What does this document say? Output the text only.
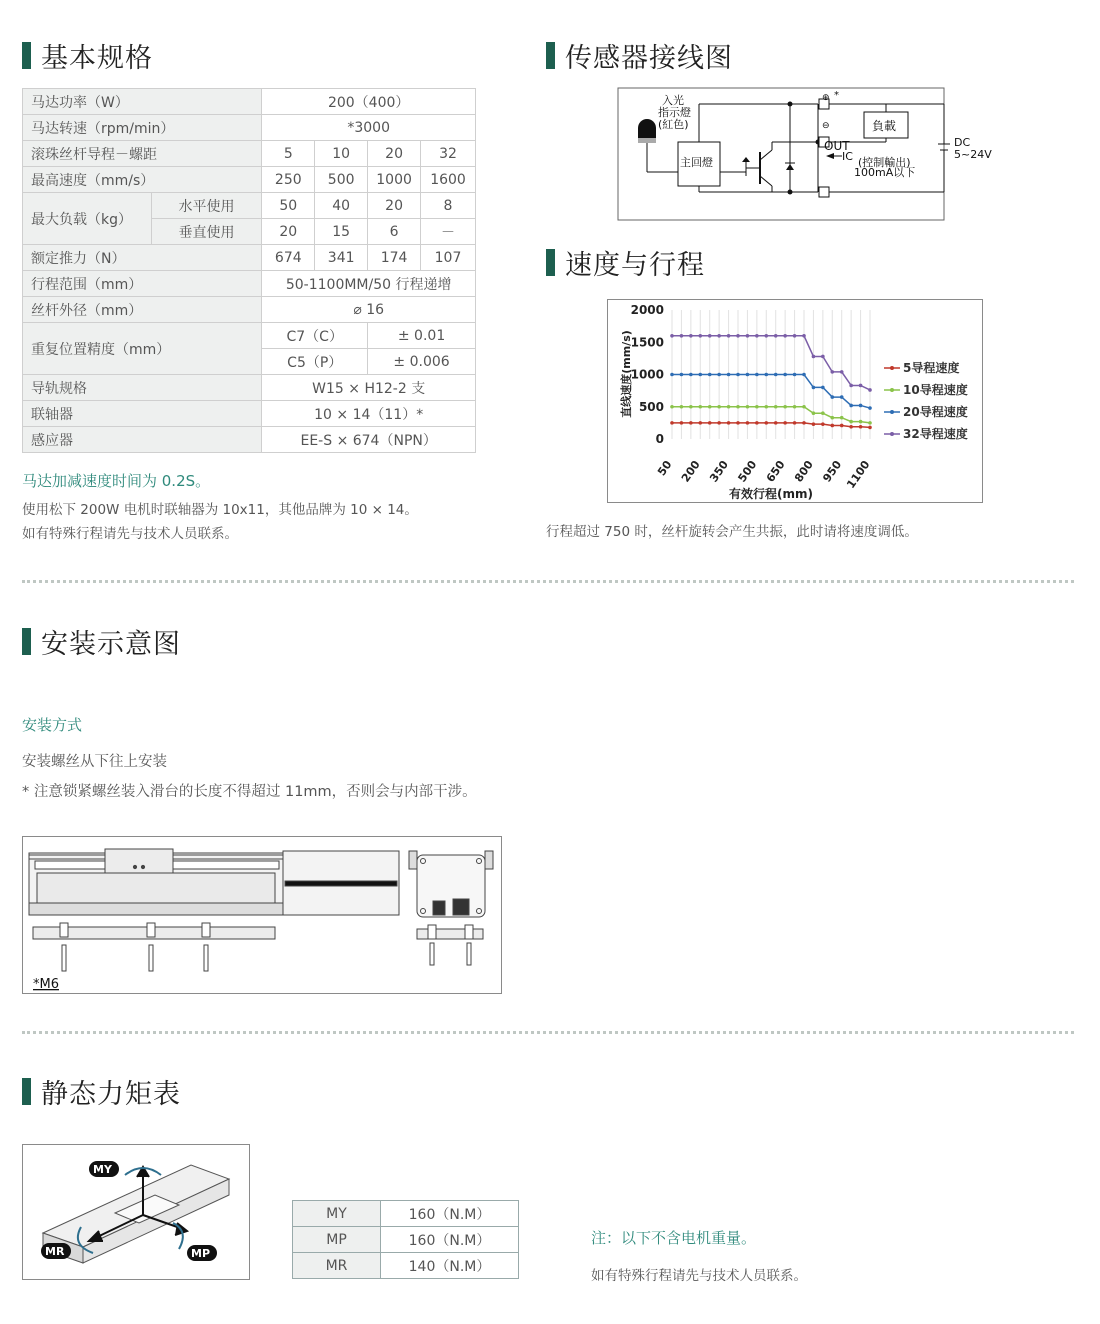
基本规格
马达功率（W）		200（400）			
马达转速（rpm/min）		*3000			
滚珠丝杆导程－螺距		5	10	20	32
最高速度（mm/s）		250	500	1000	1600
最大负载（kg）	水平使用	50	40	20	8
	垂直使用	20	15	6	－
额定推力（N）		674	341	174	107
行程范围（mm）		50-1100MM/50 行程递增			
丝杆外径（mm）		⌀ 16			
重复位置精度（mm）		C7（C）		± 0.01	
		C5（P）		± 0.006	
导轨规格		W15 × H12-2 支			
联轴器		10 × 14（11）*			
感应器		EE-S × 674（NPN）			
马达加减速度时间为 0.2S。
使用松下 200W 电机时联轴器为 10x11，其他品牌为 10 × 14。
如有特殊行程请先与技术人员联系。
传感器接线图
入光
指示燈
(紅色)
主回燈
⊕
⊖
*
負載
OUT
IC (控制輸出)
100mA以下
DC
5~24V
速度与行程
2000
1500
1000
500
0
50 200 350 500 650 800 950 1100
直线速度(mm/s)
有效行程(mm)
5导程速度
10导程速度
20导程速度
32导程速度
行程超过 750 时，丝杆旋转会产生共振，此时请将速度调低。
安装示意图
安装方式
安装螺丝从下往上安装
* 注意锁紧螺丝装入滑台的长度不得超过 11mm，否则会与内部干涉。
*M6
静态力矩表
MY
MR	MP
MY	160（N.M）
MP	160（N.M）
MR	140（N.M）
注：以下不含电机重量。
如有特殊行程请先与技术人员联系。
